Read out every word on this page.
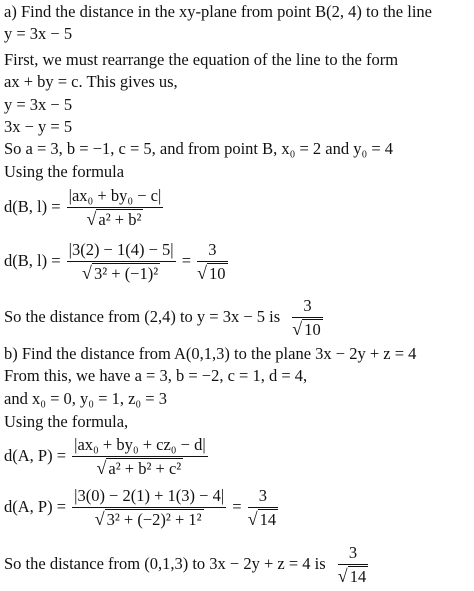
a) Find the distance in the xy-plane from point B(2, 4) to the line
y = 3x − 5
First, we must rearrange the equation of the line to the form
ax + by = c. This gives us,
y = 3x − 5
3x − y = 5
So a = 3, b = −1, c = 5, and from point B, x₀ = 2 and y₀ = 4
Using the formula
d(B, $l) = \frac{\text{|ax₀ + by₀ − c|}}{\text{√ a² + b²}}$
d(B, $l) = \frac{|3(2) - 1(4) - 5|}{\text{√ 3² + (−1)²}} = \frac{3}{√ 10}$
So the distance from (2,4) to y = 3x − 5 is $\frac{3}{√ 10}$
b) Find the distance from A(0,1,3) to the plane 3x − 2y + z = 4
From this, we have a = 3, b = −2, c = 1, d = 4,
and x₀ = 0, y₀ = 1, z₀ = 3
Using the formula,
d(A, $P) = \frac{\text{|ax₀ + by₀ + cz₀ − d|}}{\text{√ a² + b² + c²}}$
d(A, $P) = \frac{|3(0) - 2(1) + 1(3) - 4|}{\text{√ 3² + (−2)² + 1²}} = \frac{3}{√ 14}$
So the distance from (0,1,3) to 3x − 2y + z = 4 is $\frac{3}{√ 14}$
